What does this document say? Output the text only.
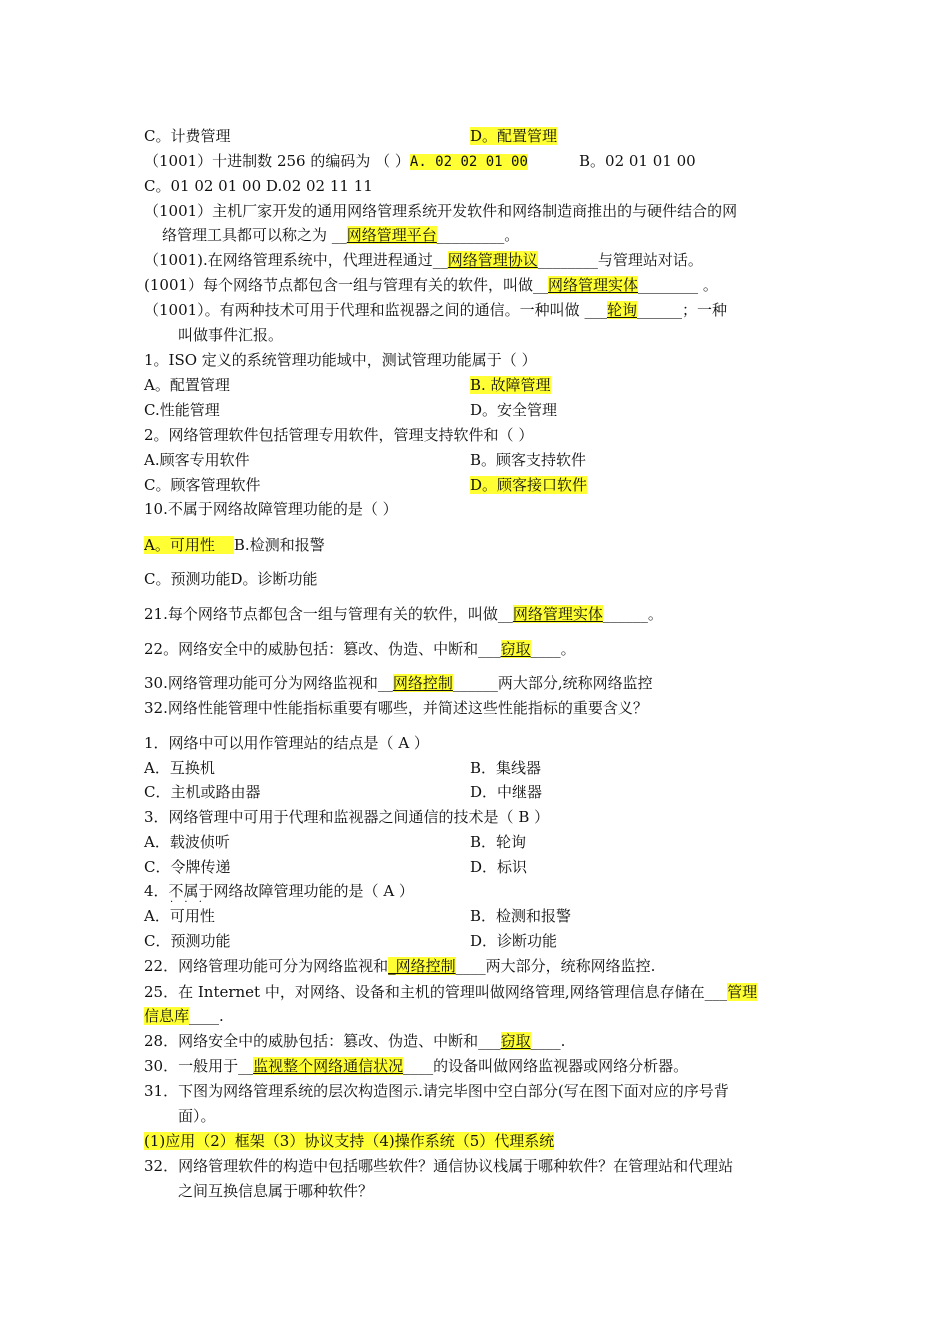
C。计费管理	D。配置管理
（1001）十进制数 256 的编码为 （ ）A. 02 02 01 00	B。02 01 01 00
C。01 02 01 00 D.02 02 11 11
（1001）主机厂家开发的通用网络管理系统开发软件和网络制造商推出的与硬件结合的网
络管理工具都可以称之为 __网络管理平台_________。
（1001).在网络管理系统中，代理进程通过__网络管理协议________与管理站对话。
(1001）每个网络节点都包含一组与管理有关的软件，叫做__网络管理实体________ 。
（1001）。有两种技术可用于代理和监视器之间的通信。一种叫做 ___轮询______；一种
叫做事件汇报。
1。ISO 定义的系统管理功能域中，测试管理功能属于（ ）
A。配置管理	B. 故障管理
C.性能管理	D。安全管理
2。网络管理软件包括管理专用软件，管理支持软件和（ ）
A.顾客专用软件	B。顾客支持软件
C。顾客管理软件	D。顾客接口软件
10.不属于网络故障管理功能的是（ ）
A。可用性    B.检测和报警
C。预测功能D。诊断功能
21.每个网络节点都包含一组与管理有关的软件，叫做__网络管理实体______。
22。网络安全中的威胁包括：篡改、伪造、中断和___窃取____。
30.网络管理功能可分为网络监视和__网络控制______两大部分,统称网络监控
32.网络性能管理中性能指标重要有哪些，并简述这些性能指标的重要含义？
1．网络中可以用作管理站的结点是（ A ）
A．互换机	B．集线器
C．主机或路由器	D．中继器
3．网络管理中可用于代理和监视器之间通信的技术是（ B ）
A．载波侦听	B．轮询
C．令牌传递	D．标识
4．不属于网络故障管理功能的是（ A ）
· · ·
A．可用性	B．检测和报警
C．预测功能	D．诊断功能
22．网络管理功能可分为网络监视和_网络控制____两大部分，统称网络监控.
25．在 Internet 中，对网络、设备和主机的管理叫做网络管理,网络管理信息存储在___管理
信息库____.
28．网络安全中的威胁包括：篡改、伪造、中断和___窃取____.
30．一般用于__监视整个网络通信状况____的设备叫做网络监视器或网络分析器。
31．下图为网络管理系统的层次构造图示.请完毕图中空白部分(写在图下面对应的序号背
面）。
(1)应用（2）框架（3）协议支持（4)操作系统（5）代理系统
32．网络管理软件的构造中包括哪些软件？通信协议栈属于哪种软件？在管理站和代理站
之间互换信息属于哪种软件？
